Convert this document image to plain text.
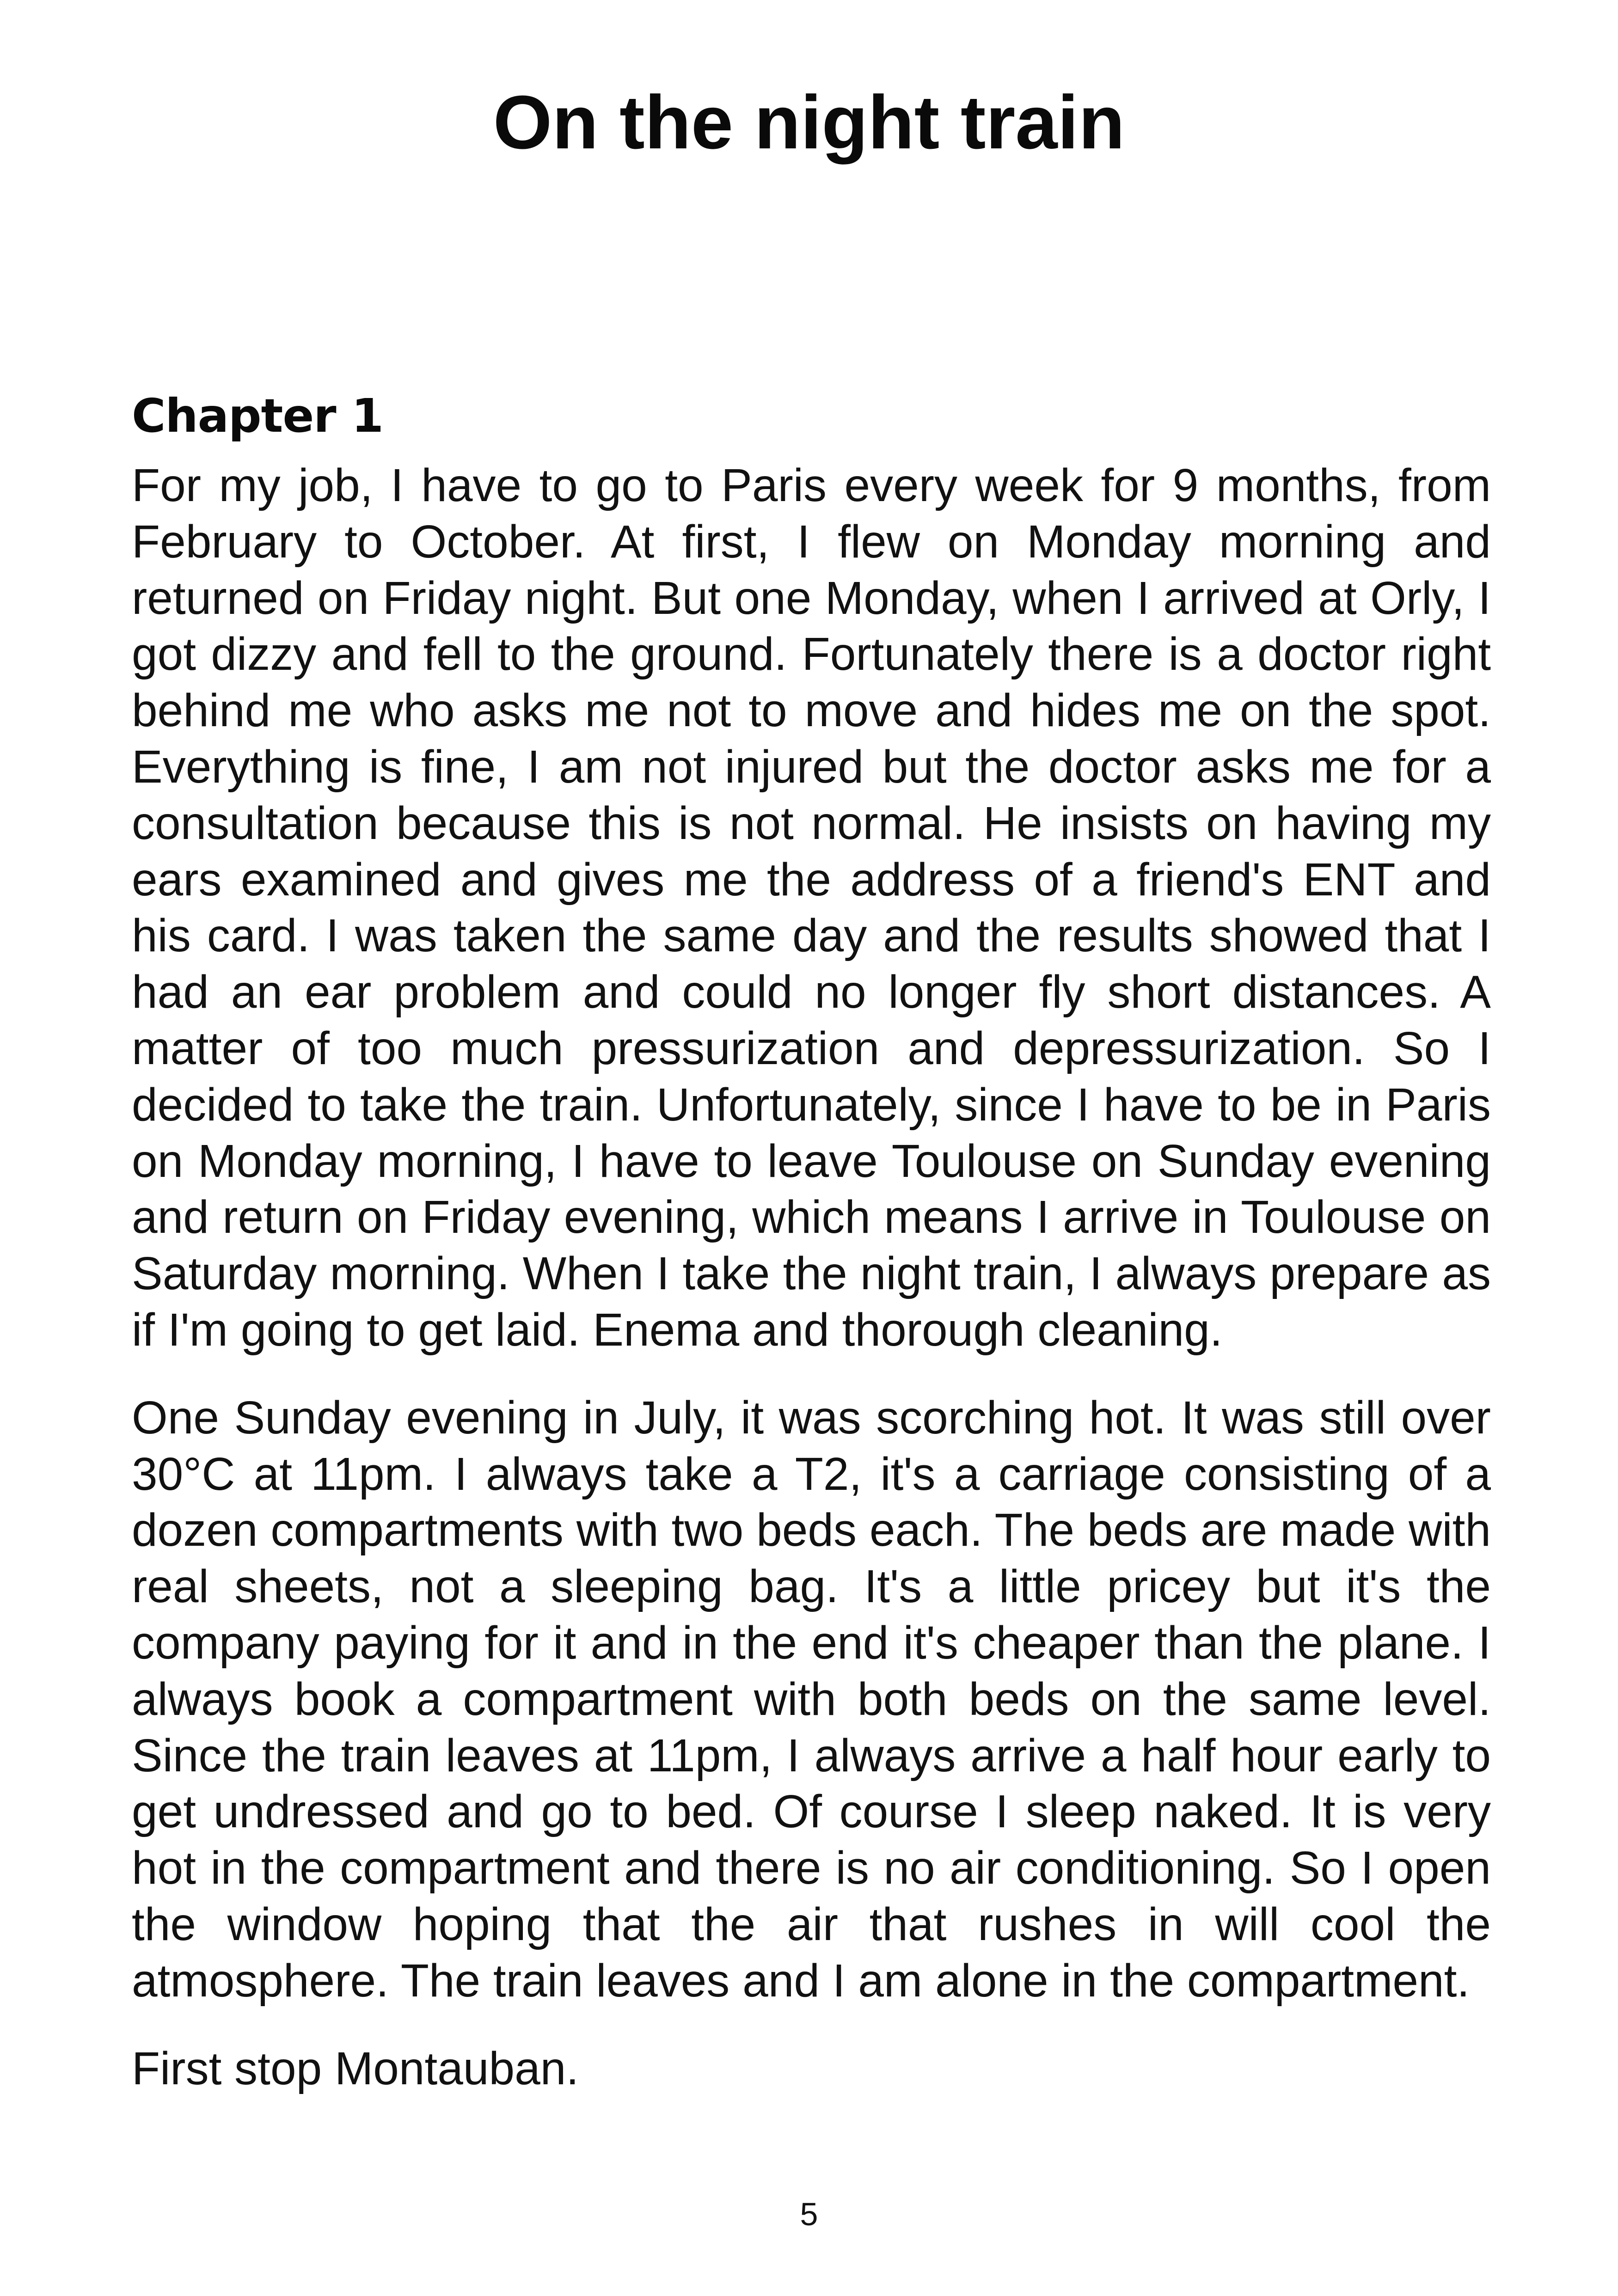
On the night train
Chapter 1

For my job, I have to go to Paris every week for 9 months, from February to October. At first, I flew on Monday morning and returned on Friday night. But one Monday, when I arrived at Orly, I got dizzy and fell to the ground. Fortunately there is a doctor right behind me who asks me not to move and hides me on the spot. Everything is fine, I am not injured but the doctor asks me for a consultation because this is not normal. He insists on having my ears examined and gives me the address of a friend's ENT and his card. I was taken the same day and the results showed that I had an ear problem and could no longer fly short distances. A matter of too much pressurization and depressurization. So I decided to take the train. Unfortunately, since I have to be in Paris on Monday morning, I have to leave Toulouse on Sunday evening and return on Friday evening, which means I arrive in Toulouse on Saturday morning. When I take the night train, I always prepare as if I'm going to get laid. Enema and thorough cleaning.

One Sunday evening in July, it was scorching hot. It was still over 30°C at 11pm. I always take a T2, it's a carriage consisting of a dozen compartments with two beds each. The beds are made with real sheets, not a sleeping bag. It's a little pricey but it's the company paying for it and in the end it's cheaper than the plane. I always book a compartment with both beds on the same level. Since the train leaves at 11pm, I always arrive a half hour early to get undressed and go to bed. Of course I sleep naked. It is very hot in the compartment and there is no air conditioning. So I open the window hoping that the air that rushes in will cool the atmosphere. The train leaves and I am alone in the compartment.

First stop Montauban.

5
